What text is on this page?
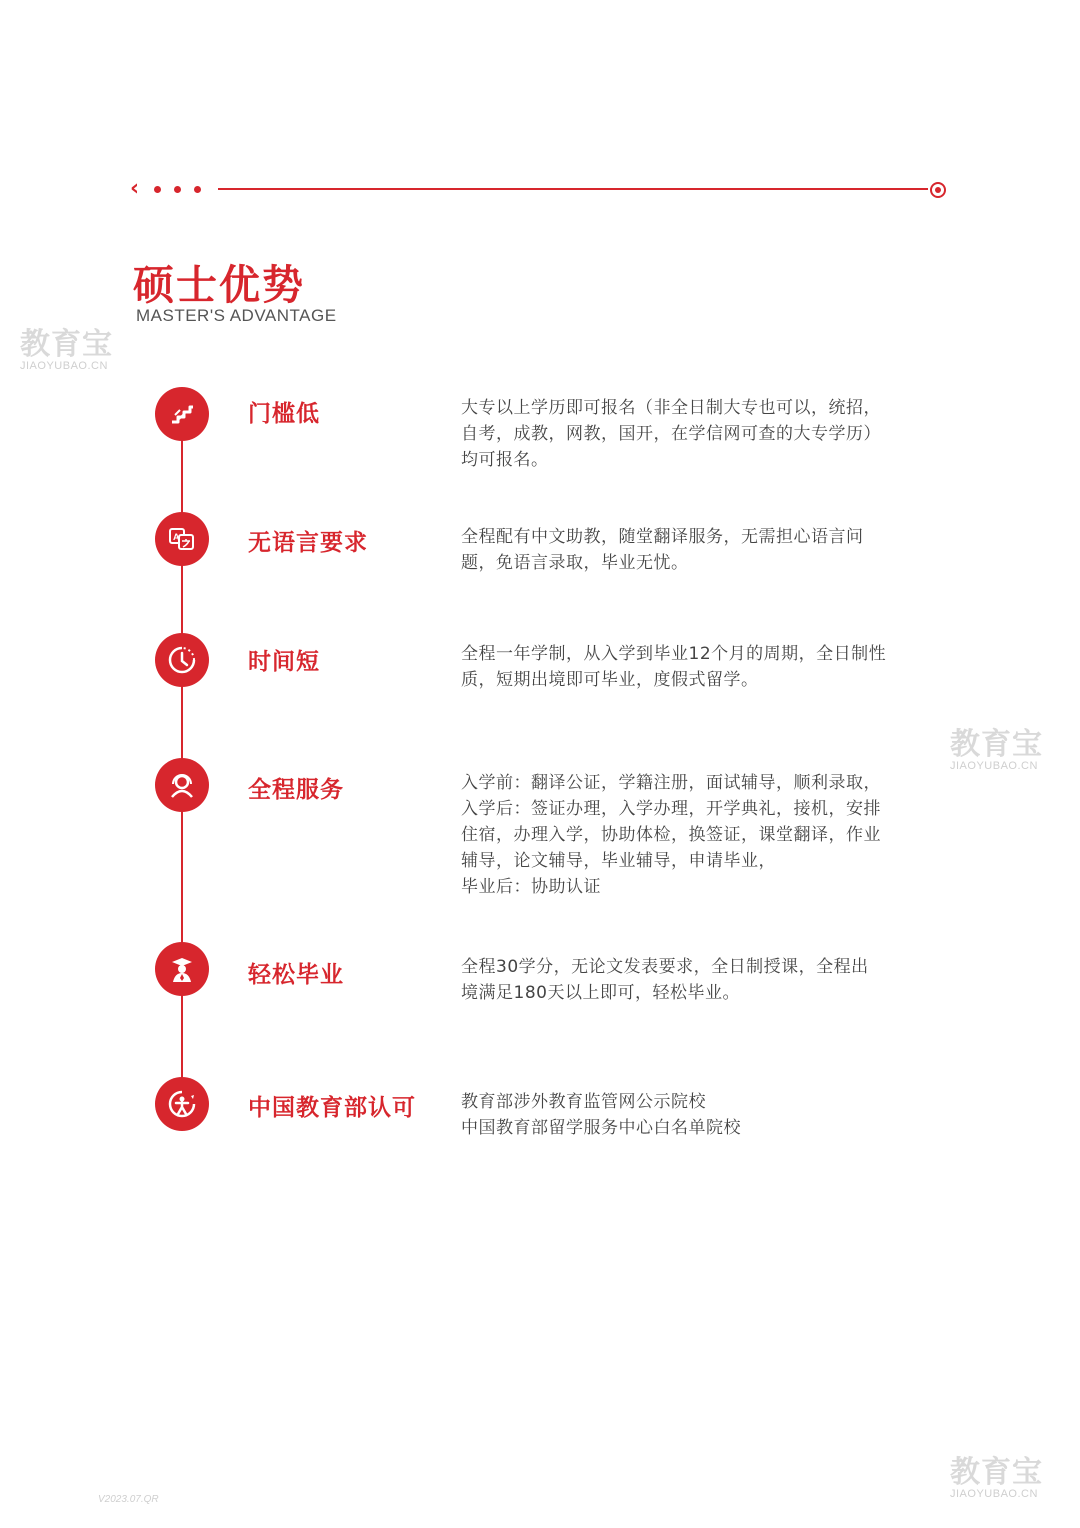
‹
硕士优势
MASTER'S ADVANTAGE
教育宝
JIAOYUBAO.CN
教育宝
JIAOYUBAO.CN
教育宝
JIAOYUBAO.CN
门槛低	大专以上学历即可报名（非全日制大专也可以，统招，
自考，成教，网教，国开，在学信网可查的大专学历）
均可报名。
A	无语言要求	全程配有中文助教，随堂翻译服务，无需担心语言问
题，免语言录取，毕业无忧。
时间短	全程一年学制，从入学到毕业12个月的周期，全日制性
质，短期出境即可毕业，度假式留学。
全程服务	入学前：翻译公证，学籍注册，面试辅导，顺利录取，
入学后：签证办理，入学办理，开学典礼，接机，安排
住宿，办理入学，协助体检，换签证，课堂翻译，作业
辅导，论文辅导，毕业辅导，申请毕业，
毕业后：协助认证
轻松毕业	全程30学分，无论文发表要求，全日制授课，全程出
境满足180天以上即可，轻松毕业。
中国教育部认可	教育部涉外教育监管网公示院校
中国教育部留学服务中心白名单院校
V2023.07.QR
